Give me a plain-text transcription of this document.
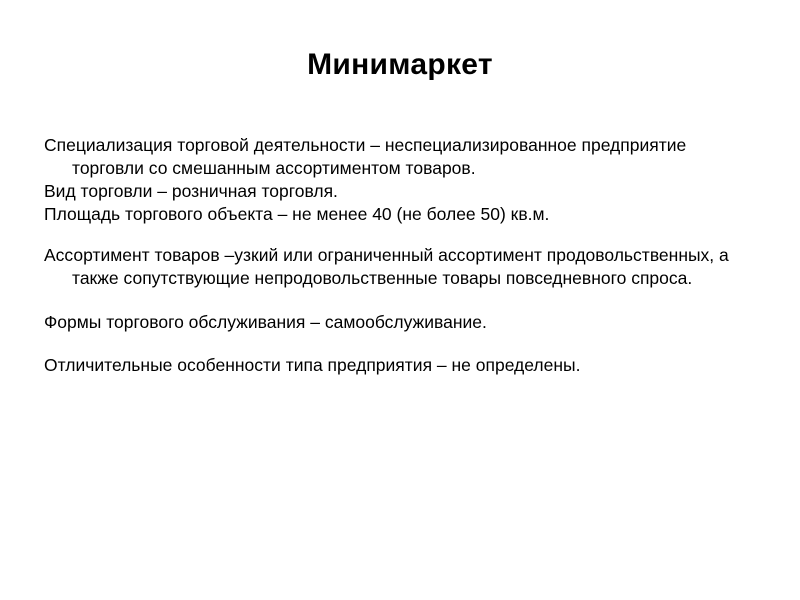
Минимаркет

Специализация торговой деятельности – неспециализированное предприятие торговли со смешанным ассортиментом товаров.

Вид торговли – розничная торговля.

Площадь торгового объекта – не менее 40 (не более 50) кв.м.

Ассортимент товаров –узкий или ограниченный ассортимент продовольственных, а также сопутствующие непродовольственные товары повседневного спроса.

Формы торгового обслуживания – самообслуживание.

Отличительные особенности типа предприятия – не определены.
